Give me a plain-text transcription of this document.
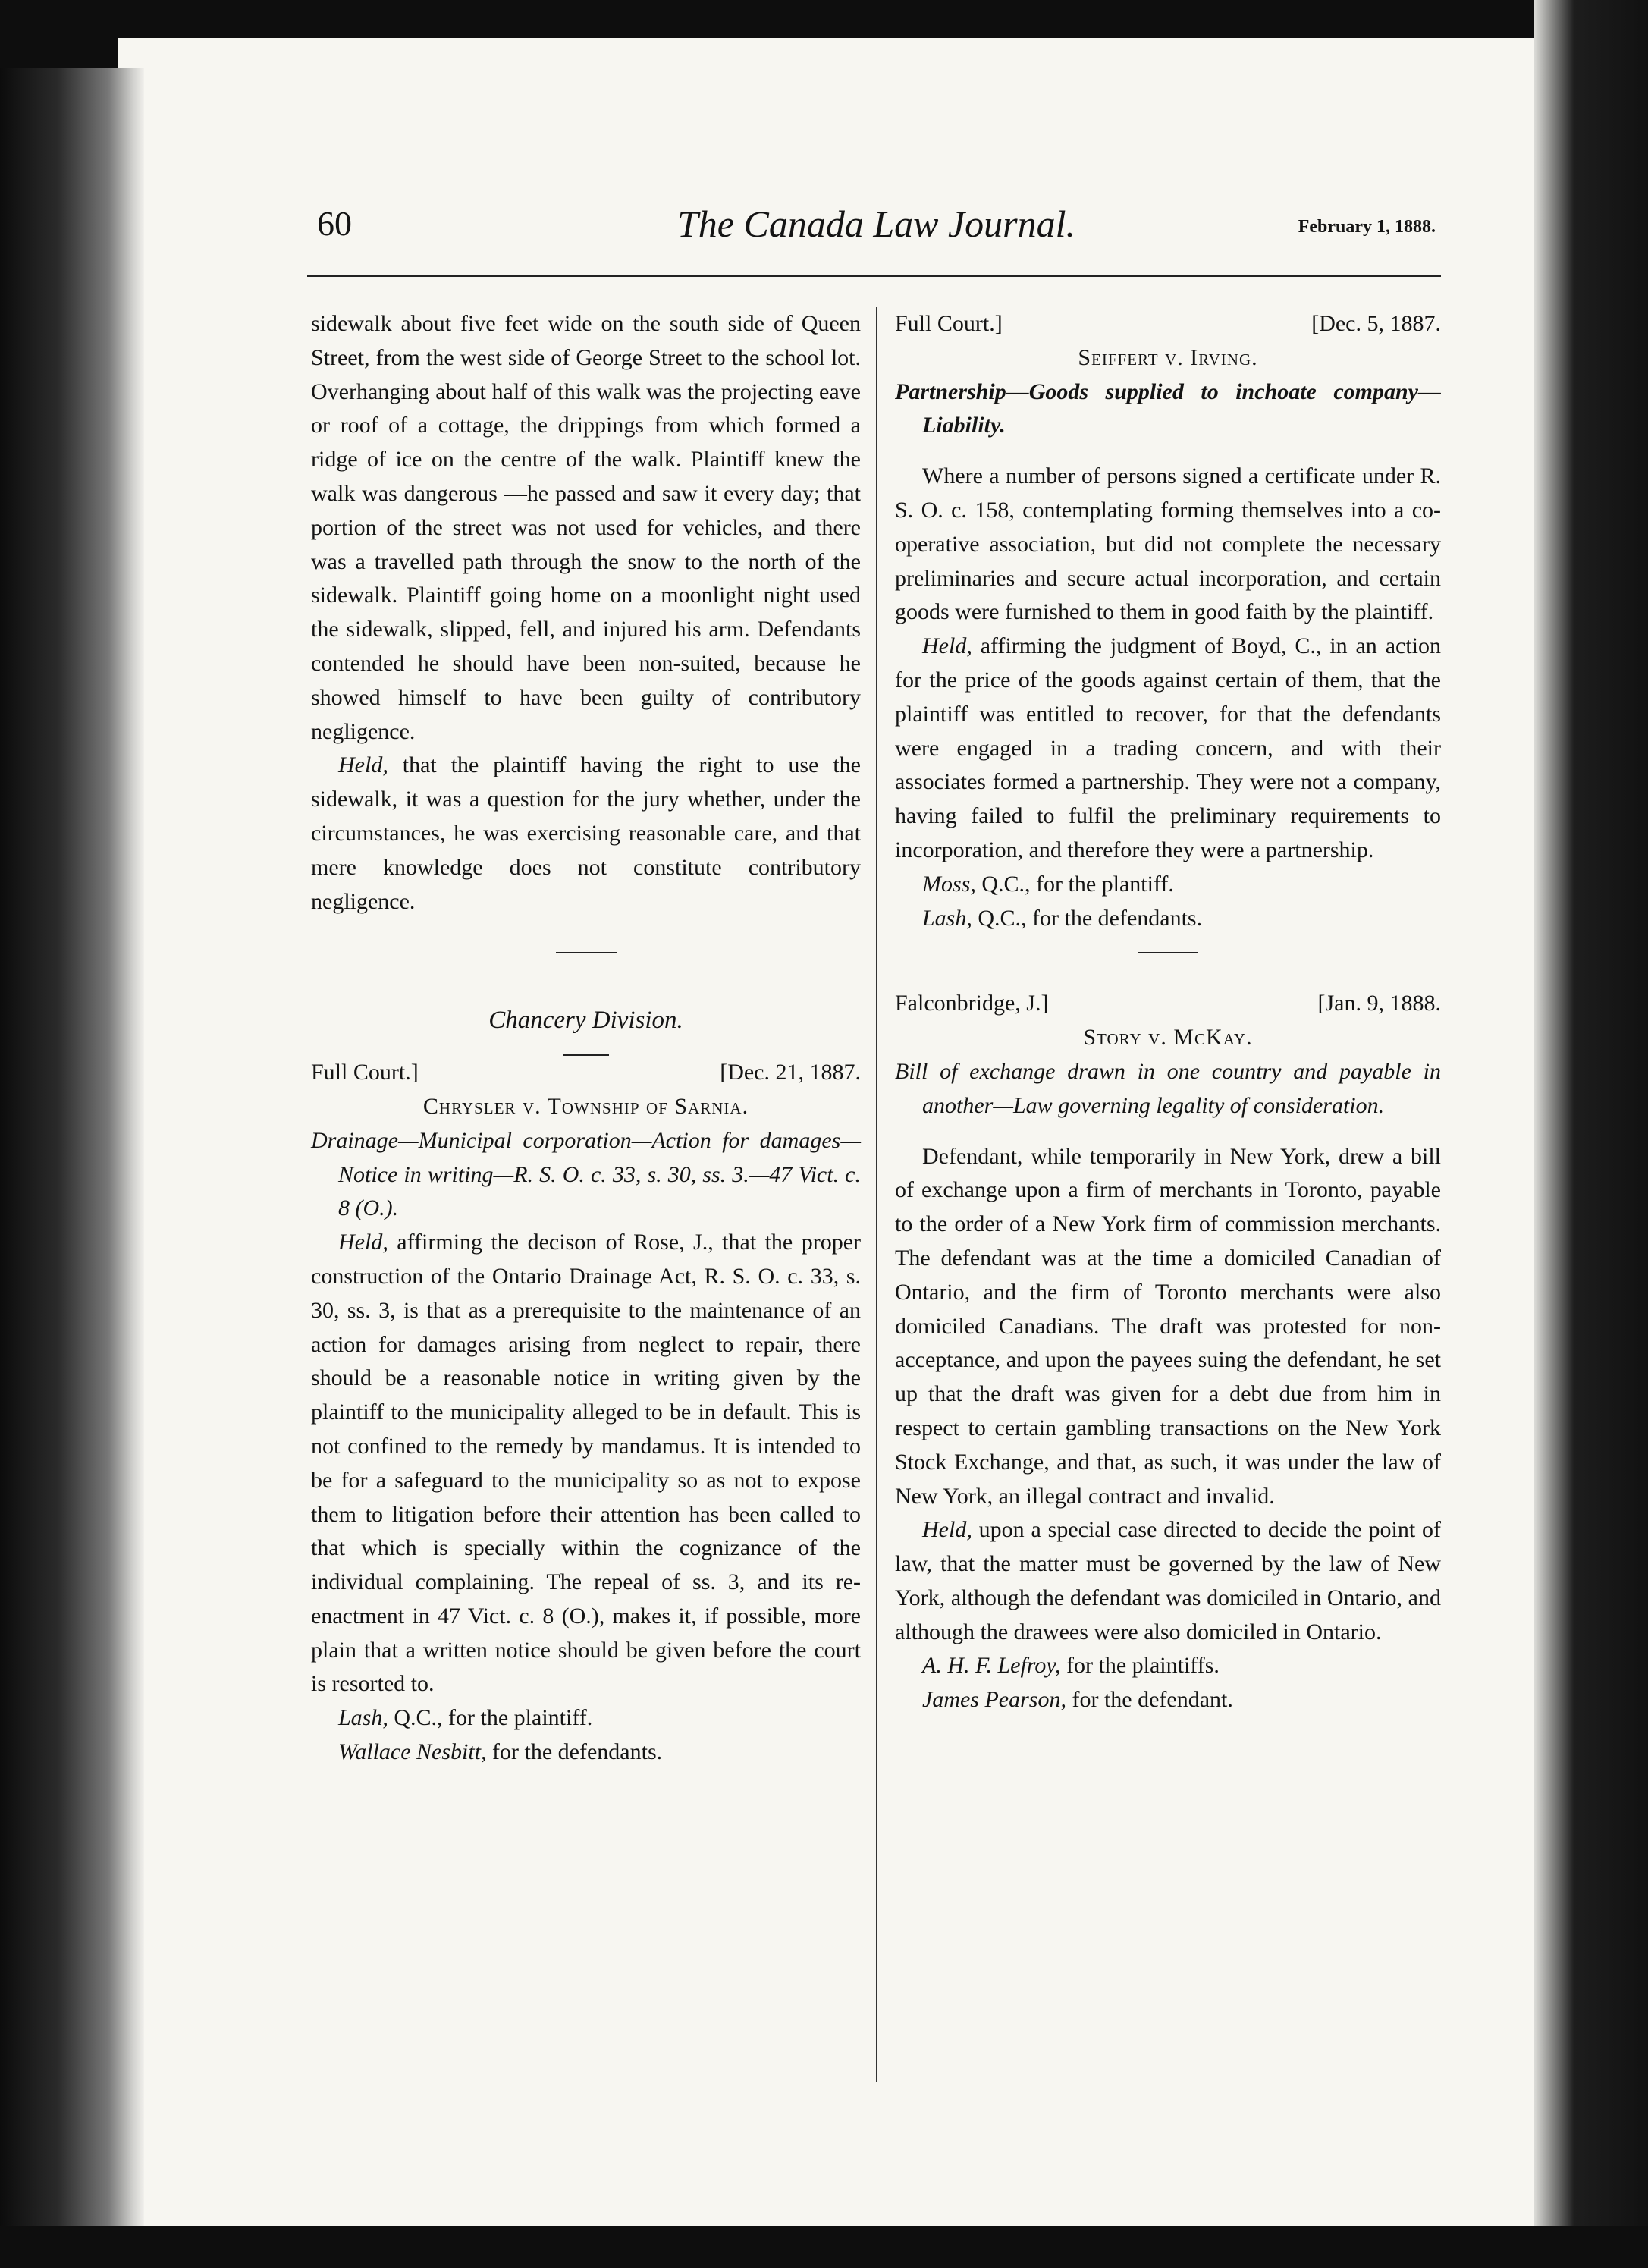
60	The Canada Law Journal.	February 1, 1888.

sidewalk about five feet wide on the south side of Queen Street, from the west side of George Street to the school lot. Overhanging about half of this walk was the projecting eave or roof of a cottage, the drippings from which formed a ridge of ice on the centre of the walk. Plaintiff knew the walk was dangerous —he passed and saw it every day; that portion of the street was not used for vehicles, and there was a travelled path through the snow to the north of the sidewalk. Plaintiff going home on a moonlight night used the sidewalk, slipped, fell, and injured his arm. Defendants contended he should have been non-suited, because he showed himself to have been guilty of contributory negligence.

Held, that the plaintiff having the right to use the sidewalk, it was a question for the jury whether, under the circumstances, he was exercising reasonable care, and that mere knowledge does not constitute contributory negligence.

Chancery Division.
Full Court.]	[Dec. 21, 1887.
Chrysler v. Township of Sarnia.

Drainage—Municipal corporation—Action for damages—Notice in writing—R. S. O. c. 33, s. 30, ss. 3.—47 Vict. c. 8 (O.).

Held, affirming the decison of Rose, J., that the proper construction of the Ontario Drainage Act, R. S. O. c. 33, s. 30, ss. 3, is that as a prerequisite to the maintenance of an action for damages arising from neglect to repair, there should be a reasonable notice in writing given by the plaintiff to the municipality alleged to be in default. This is not confined to the remedy by mandamus. It is intended to be for a safeguard to the municipality so as not to expose them to litigation before their attention has been called to that which is specially within the cognizance of the individual complaining. The repeal of ss. 3, and its re-enactment in 47 Vict. c. 8 (O.), makes it, if possible, more plain that a written notice should be given before the court is resorted to.

Lash, Q.C., for the plaintiff.

Wallace Nesbitt, for the defendants.

Full Court.]	[Dec. 5, 1887.
Seiffert v. Irving.

Partnership—Goods supplied to inchoate company—Liability.

Where a number of persons signed a certificate under R. S. O. c. 158, contemplating forming themselves into a co-operative association, but did not complete the necessary preliminaries and secure actual incorporation, and certain goods were furnished to them in good faith by the plaintiff.

Held, affirming the judgment of Boyd, C., in an action for the price of the goods against certain of them, that the plaintiff was entitled to recover, for that the defendants were engaged in a trading concern, and with their associates formed a partnership. They were not a company, having failed to fulfil the preliminary requirements to incorporation, and therefore they were a partnership.

Moss, Q.C., for the plantiff.

Lash, Q.C., for the defendants.

Falconbridge, J.]	[Jan. 9, 1888.
Story v. McKay.

Bill of exchange drawn in one country and payable in another—Law governing legality of consideration.

Defendant, while temporarily in New York, drew a bill of exchange upon a firm of merchants in Toronto, payable to the order of a New York firm of commission merchants. The defendant was at the time a domiciled Canadian of Ontario, and the firm of Toronto merchants were also domiciled Canadians. The draft was protested for non-acceptance, and upon the payees suing the defendant, he set up that the draft was given for a debt due from him in respect to certain gambling transactions on the New York Stock Exchange, and that, as such, it was under the law of New York, an illegal contract and invalid.

Held, upon a special case directed to decide the point of law, that the matter must be governed by the law of New York, although the defendant was domiciled in Ontario, and although the drawees were also domiciled in Ontario.

A. H. F. Lefroy, for the plaintiffs.

James Pearson, for the defendant.
